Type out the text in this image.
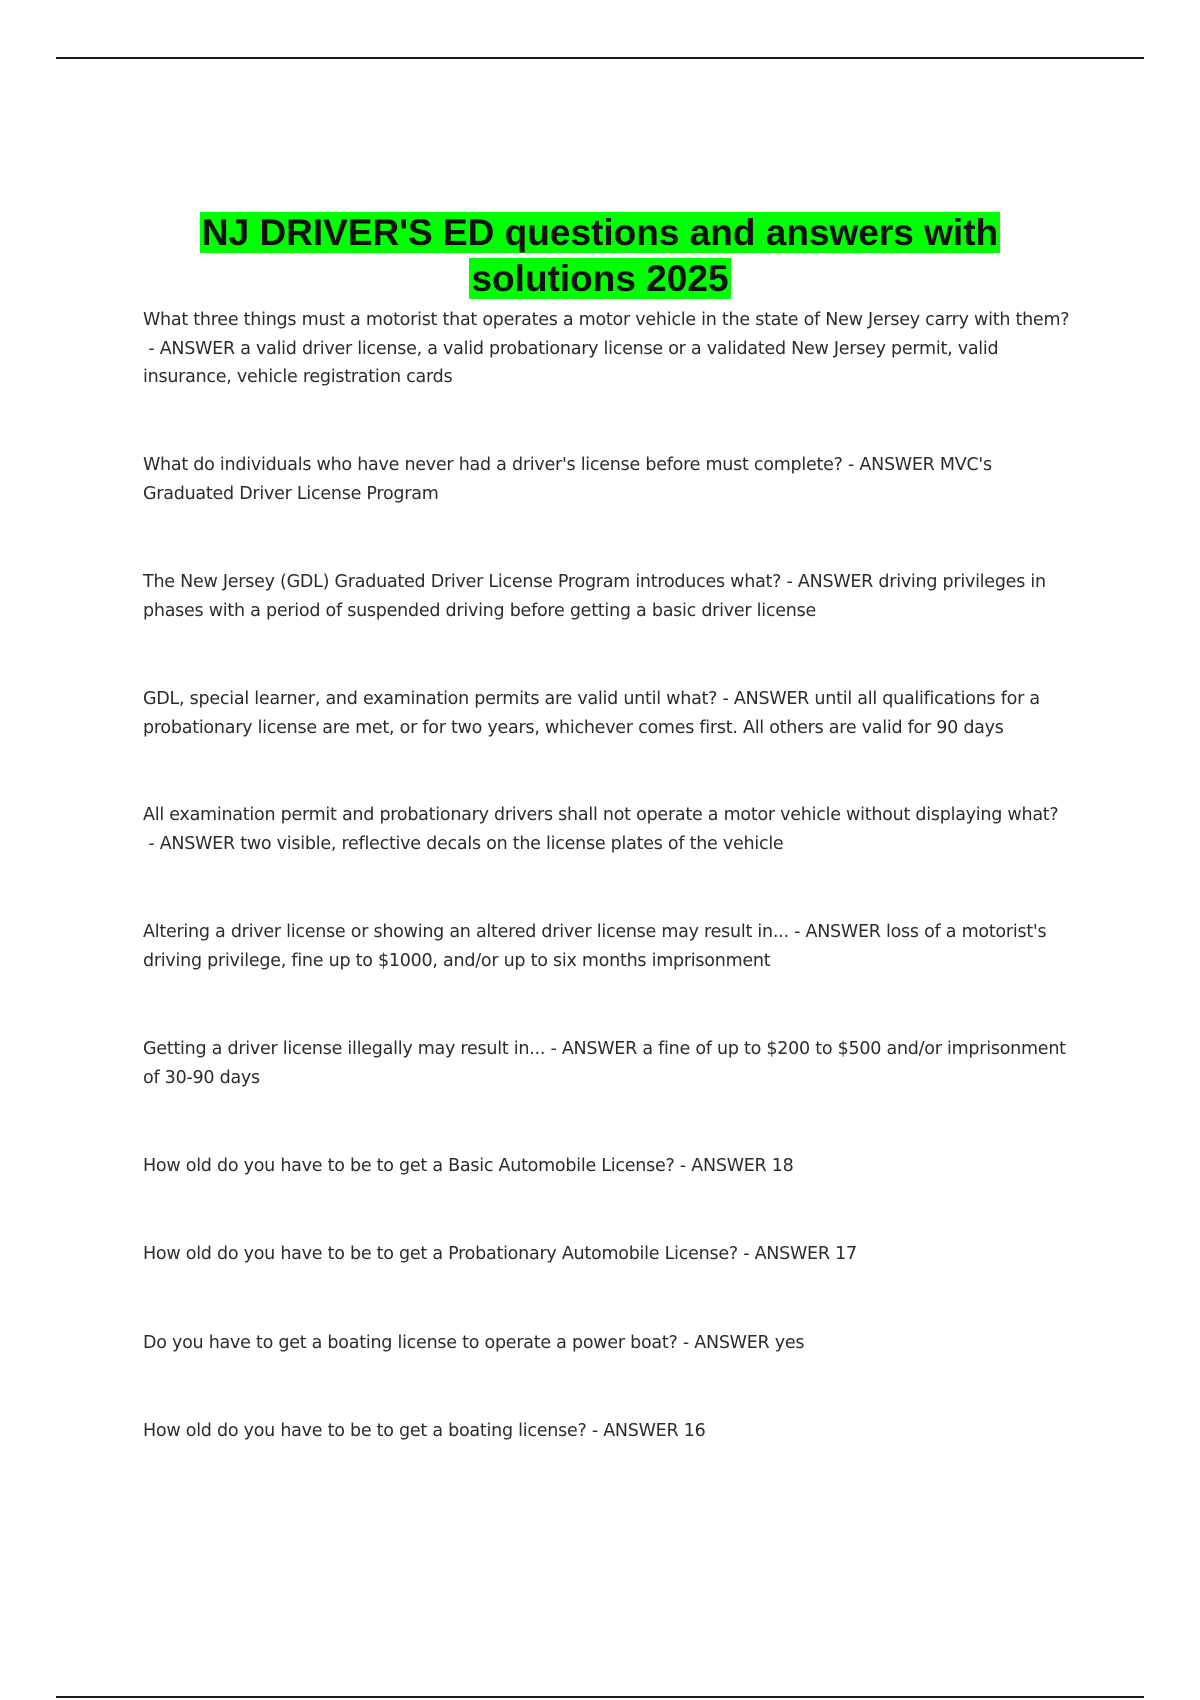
NJ DRIVER'S ED questions and answers with solutions 2025

What three things must a motorist that operates a motor vehicle in the state of New Jersey carry with them? - ANSWER a valid driver license, a valid probationary license or a validated New Jersey permit, valid insurance, vehicle registration cards

What do individuals who have never had a driver's license before must complete? - ANSWER MVC's Graduated Driver License Program

The New Jersey (GDL) Graduated Driver License Program introduces what? - ANSWER driving privileges in phases with a period of suspended driving before getting a basic driver license

GDL, special learner, and examination permits are valid until what? - ANSWER until all qualifications for a probationary license are met, or for two years, whichever comes first. All others are valid for 90 days

All examination permit and probationary drivers shall not operate a motor vehicle without displaying what? - ANSWER two visible, reflective decals on the license plates of the vehicle

Altering a driver license or showing an altered driver license may result in... - ANSWER loss of a motorist's driving privilege, fine up to $1000, and/or up to six months imprisonment

Getting a driver license illegally may result in... - ANSWER a fine of up to $200 to $500 and/or imprisonment of 30-90 days

How old do you have to be to get a Basic Automobile License? - ANSWER 18

How old do you have to be to get a Probationary Automobile License? - ANSWER 17

Do you have to get a boating license to operate a power boat? - ANSWER yes

How old do you have to be to get a boating license? - ANSWER 16
